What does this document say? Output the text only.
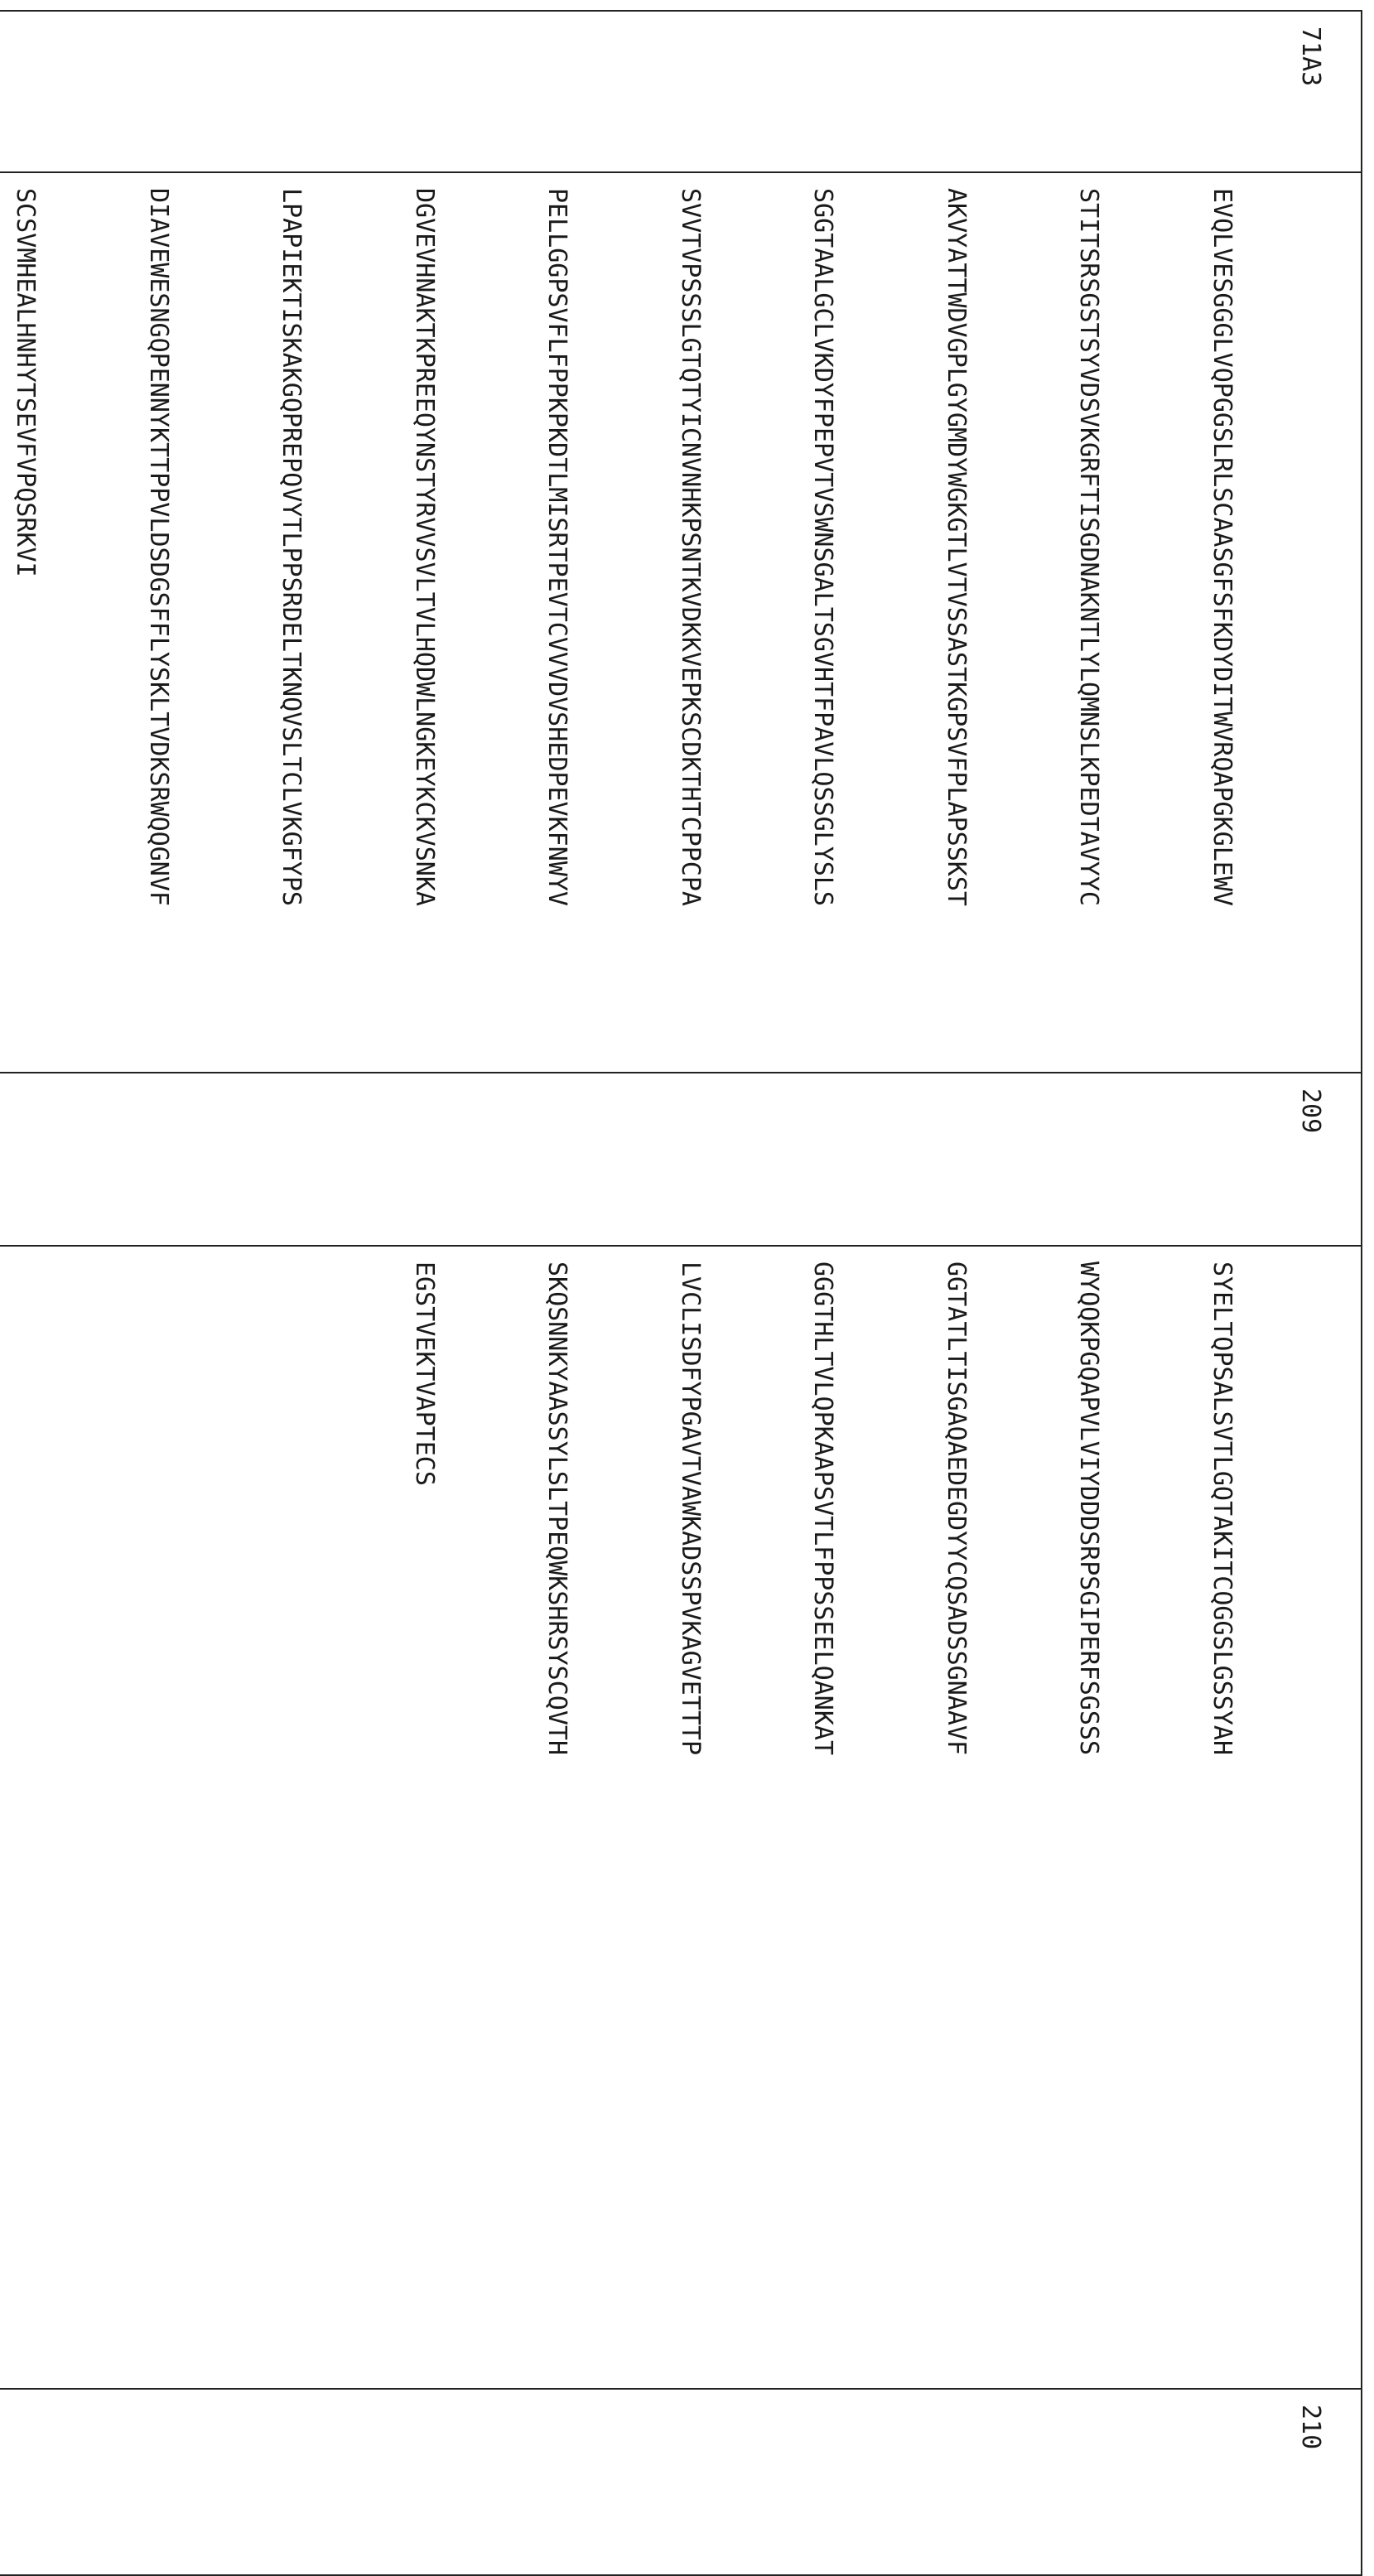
71A3	

EVQLVESGGGLVQPGGSLRLSCAASGFSFKDYDITWVRQAPGKGLEWV

STITSRSGSTSYVDSVKGRFTISGDNAKNTLYLQMNSLKPEDTAVYYC

AKVYATTWDVGPLGYGMDYWGKGTLVTVSSASTKGPSVFPLAPSSKST

SGGTAALGCLVKDYFPEPVTVSWNSGALTSGVHTFPAVLQSSGLYSLS

SVVTVPSSSLGTQTYICNVNHKPSNTKVDKKVEPKSCDKTHTCPPCPA

PELLGGPSVFLFPPKPKDTLMISRTPEVTCVVVDVSHEDPEVKFNWYV

DGVEVHNAKTKPREEQYNSTYRVVSVLTVLHQDWLNGKEYKCKVSNKA

LPAPIEKTISKAKGQPREPQVYTLPPSRDELTKNQVSLTCLVKGFYPS

DIAVEWESNGQPENNYKTTPPVLDSDGSFFLYSKLTVDKSRWQQGNVF

SCSVMHEALHNHYTSEVFVPQSRKVI

	209	

SYELTQPSALSVTLGQTAKITCQGGSLGSSYAH

WYQQKPGQAPVLVIYDDDSRPSGIPERFSGSSS

GGTATLTISGAQAEDEGDYYCQSADSSGNAAVF

GGGTHLTVLQPKAAPSVTLFPPSSEELQANKAT

LVCLISDFYPGAVTVAWKADSSPVKAGVETTTP

SKQSNNKYAASSYLSLTPEQWKSHRSYSCQVTH

EGSTVEKTVAPTECS

	210
